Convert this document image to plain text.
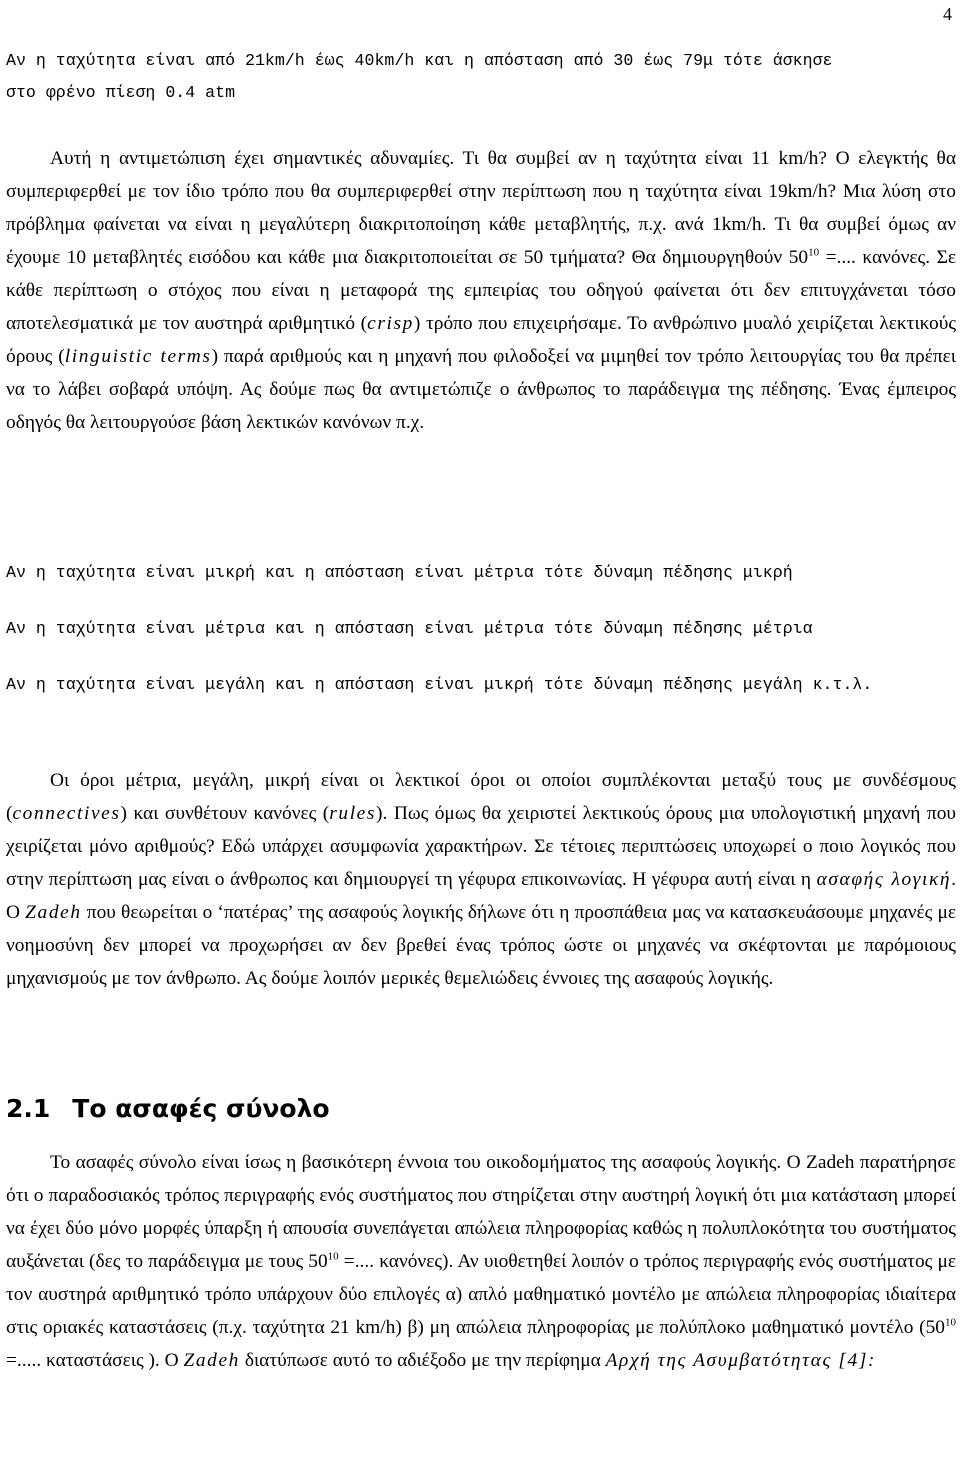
4
Αν η ταχύτητα είναι από 21km/h έως 40km/h και η απόσταση από 30 έως 79μ τότε άσκησε
στο φρένο πίεση 0.4 atm

Αυτή η αντιμετώπιση έχει σημαντικές αδυναμίες. Τι θα συμβεί αν η ταχύτητα είναι 11 km/h? Ο ελεγκτής θα συμπεριφερθεί με τον ίδιο τρόπο που θα συμπεριφερθεί στην περίπτωση που η ταχύτητα είναι 19km/h? Μια λύση στο πρόβλημα φαίνεται να είναι η μεγαλύτερη διακριτοποίηση κάθε μεταβλητής, π.χ. ανά 1km/h. Τι θα συμβεί όμως αν έχουμε 10 μεταβλητές εισόδου και κάθε μια διακριτοποιείται σε 50 τμήματα? Θα δημιουργηθούν $50^{10}$ =.... κανόνες. Σε κάθε περίπτωση ο στόχος που είναι η μεταφορά της εμπειρίας του οδηγού φαίνεται ότι δεν επιτυγχάνεται τόσο αποτελεσματικά με τον αυστηρά αριθμητικό (crisp) τρόπο που επιχειρήσαμε. Το ανθρώπινο μυαλό χειρίζεται λεκτικούς όρους (linguistic terms) παρά αριθμούς και η μηχανή που φιλοδοξεί να μιμηθεί τον τρόπο λειτουργίας του θα πρέπει να το λάβει σοβαρά υπόψη. Ας δούμε πως θα αντιμετώπιζε ο άνθρωπος το παράδειγμα της πέδησης. Ένας έμπειρος οδηγός θα λειτουργούσε βάση λεκτικών κανόνων π.χ.

Αν η ταχύτητα είναι μικρή και η απόσταση είναι μέτρια τότε δύναμη πέδησης μικρή
Αν η ταχύτητα είναι μέτρια και η απόσταση είναι μέτρια τότε δύναμη πέδησης μέτρια
Αν η ταχύτητα είναι μεγάλη και η απόσταση είναι μικρή τότε δύναμη πέδησης μεγάλη κ.τ.λ.

Οι όροι μέτρια, μεγάλη, μικρή είναι οι λεκτικοί όροι οι οποίοι συμπλέκονται μεταξύ τους με συνδέσμους (connectives) και συνθέτουν κανόνες (rules). Πως όμως θα χειριστεί λεκτικούς όρους μια υπολογιστική μηχανή που χειρίζεται μόνο αριθμούς? Εδώ υπάρχει ασυμφωνία χαρακτήρων. Σε τέτοιες περιπτώσεις υποχωρεί ο ποιο λογικός που στην περίπτωση μας είναι ο άνθρωπος και δημιουργεί τη γέφυρα επικοινωνίας. Η γέφυρα αυτή είναι η ασαφής λογική. Ο Zadeh που θεωρείται ο ‘πατέρας’ της ασαφούς λογικής δήλωνε ότι η προσπάθεια μας να κατασκευάσουμε μηχανές με νοημοσύνη δεν μπορεί να προχωρήσει αν δεν βρεθεί ένας τρόπος ώστε οι μηχανές να σκέφτονται με παρόμοιους μηχανισμούς με τον άνθρωπο. Ας δούμε λοιπόν μερικές θεμελιώδεις έννοιες της ασαφούς λογικής.

2.1 Το ασαφές σύνολο

Το ασαφές σύνολο είναι ίσως η βασικότερη έννοια του οικοδομήματος της ασαφούς λογικής. Ο Zadeh παρατήρησε ότι ο παραδοσιακός τρόπος περιγραφής ενός συστήματος που στηρίζεται στην αυστηρή λογική ότι μια κατάσταση μπορεί να έχει δύο μόνο μορφές ύπαρξη ή απουσία συνεπάγεται απώλεια πληροφορίας καθώς η πολυπλοκότητα του συστήματος αυξάνεται (δες το παράδειγμα με τους $50^{10}$ =.... κανόνες). Αν υιοθετηθεί λοιπόν ο τρόπος περιγραφής ενός συστήματος με τον αυστηρά αριθμητικό τρόπο υπάρχουν δύο επιλογές α) απλό μαθηματικό μοντέλο με απώλεια πληροφορίας ιδιαίτερα στις οριακές καταστάσεις (π.χ. ταχύτητα 21 km/h) β) μη απώλεια πληροφορίας με πολύπλοκο μαθηματικό μοντέλο ($50^{10}$ =..... καταστάσεις ). Ο Zadeh διατύπωσε αυτό το αδιέξοδο με την περίφημα Αρχή της Ασυμβατότητας [4]:
